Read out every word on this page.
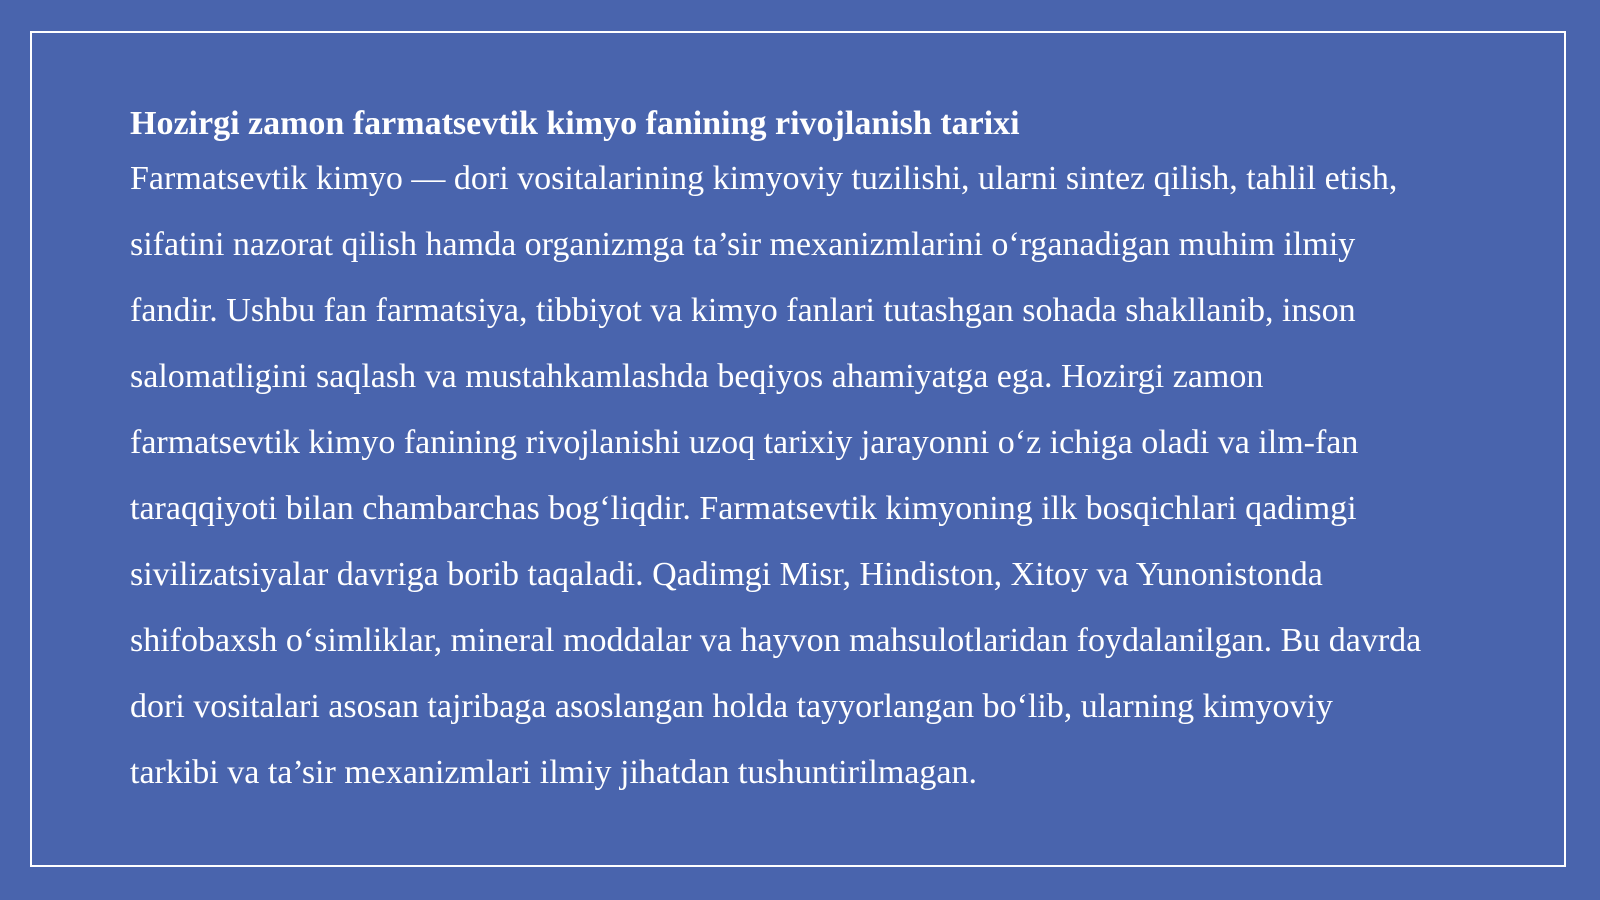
Hozirgi zamon farmatsevtik kimyo fanining rivojlanish tarixi

Farmatsevtik kimyo — dori vositalarining kimyoviy tuzilishi, ularni sintez qilish, tahlil etish,
sifatini nazorat qilish hamda organizmga ta’sir mexanizmlarini o‘rganadigan muhim ilmiy
fandir. Ushbu fan farmatsiya, tibbiyot va kimyo fanlari tutashgan sohada shakllanib, inson
salomatligini saqlash va mustahkamlashda beqiyos ahamiyatga ega. Hozirgi zamon
farmatsevtik kimyo fanining rivojlanishi uzoq tarixiy jarayonni o‘z ichiga oladi va ilm-fan
taraqqiyoti bilan chambarchas bog‘liqdir. Farmatsevtik kimyoning ilk bosqichlari qadimgi
sivilizatsiyalar davriga borib taqaladi. Qadimgi Misr, Hindiston, Xitoy va Yunonistonda
shifobaxsh o‘simliklar, mineral moddalar va hayvon mahsulotlaridan foydalanilgan. Bu davrda
dori vositalari asosan tajribaga asoslangan holda tayyorlangan bo‘lib, ularning kimyoviy
tarkibi va ta’sir mexanizmlari ilmiy jihatdan tushuntirilmagan.
